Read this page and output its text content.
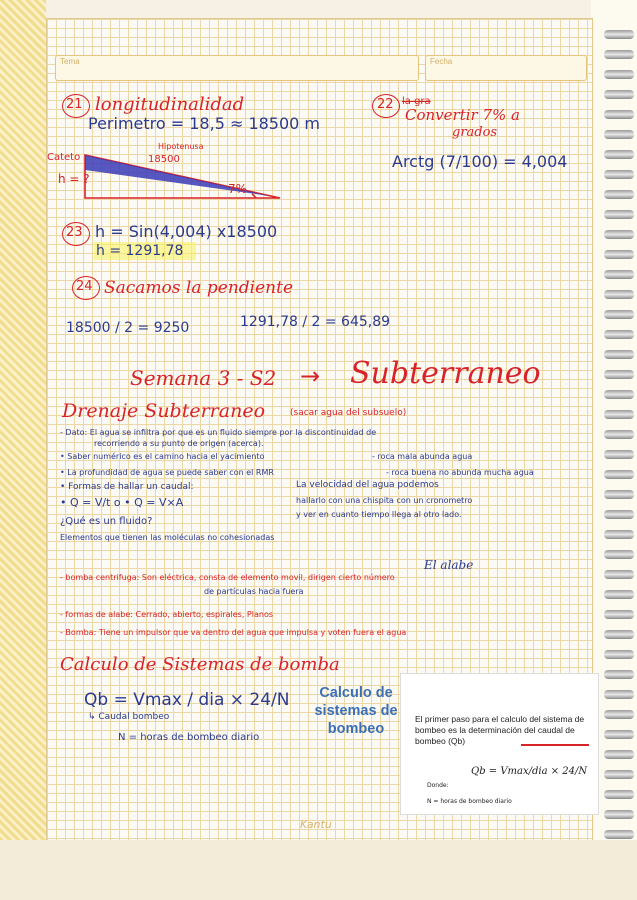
Tema	Fecha
21 longitudinalidad
Perimetro = 18,5 ≈ 18500 m
Cateto
h = ?
Hipotenusa
18500
7%
22 la gra
Convertir 7% a
grados
Arctg (7/100) = 4,004
23 h = Sin(4,004) x18500
h = 1291,78
24 Sacamos la pendiente
18500 / 2 = 9250	1291,78 / 2 = 645,89
Semana 3 - S2 → Subterraneo
Drenaje Subterraneo	(sacar agua del subsuelo)
- Dato: El agua se infiltra por que es un fluido siempre por la discontinuidad de
recorriendo a su punto de origen (acerca).
• Saber numérico es el camino hacia el yacimiento	- roca mala abunda agua
• La profundidad de agua se puede saber con el RMR	- roca buena no abunda mucha agua
• Formas de hallar un caudal:	La velocidad del agua podemos
• Q = V/t o • Q = V×A	hallarlo con una chispita con un cronometro
y ver en cuanto tiempo llega al otro lado.
¿Qué es un fluido?
Elementos que tienen las moléculas no cohesionadas
El alabe
- bomba centrifuga: Son eléctrica, consta de elemento movil, dirigen cierto número
de partículas hacia fuera
- formas de alabe: Cerrado, abierto, espirales, Planos
- Bomba: Tiene un impulsor que va dentro del agua que impulsa y voten fuera el agua
Calculo de Sistemas de bomba
Qb = Vmax / dia × 24/N
↳ Caudal bombeo
N = horas de bombeo diario
Calculo de sistemas de bombeo
El primer paso para el calculo del sistema de bombeo es la determinación del caudal de bombeo (Qb)
Qb = Vmax/dia × 24/N
Donde:
N = horas de bombeo diario
Kantu
